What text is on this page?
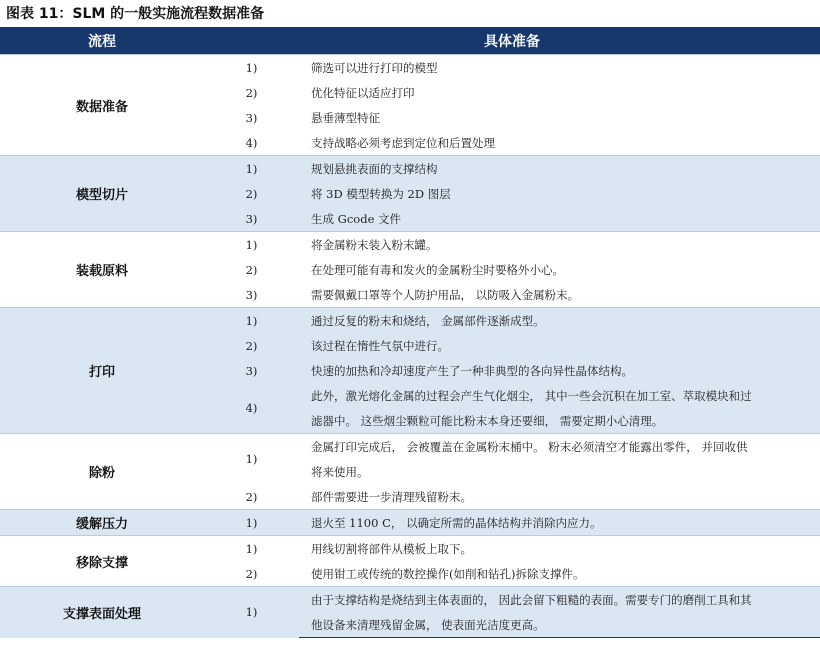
图表 11：SLM 的一般实施流程数据准备
流程	具体准备	
数据准备	1)	筛选可以进行打印的模型
	2)	优化特征以适应打印
	3)	悬垂薄型特征
	4)	支持战略必须考虑到定位和后置处理
模型切片	1)	规划悬挑表面的支撑结构
	2)	将 3D 模型转换为 2D 图层
	3)	生成 Gcode 文件
装载原料	1)	将金属粉末装入粉末罐。
	2)	在处理可能有毒和发火的金属粉尘时要格外小心。
	3)	需要佩戴口罩等个人防护用品， 以防吸入金属粉末。
打印	1)	通过反复的粉末和烧结， 金属部件逐渐成型。
	2)	该过程在惰性气氛中进行。
	3)	快速的加热和冷却速度产生了一种非典型的各向异性晶体结构。
	4)	此外，激光熔化金属的过程会产生气化烟尘， 其中一些会沉积在加工室、萃取模块和过
		滤器中。 这些烟尘颗粒可能比粉末本身还要细， 需要定期小心清理。
除粉	1)	金属打印完成后， 会被覆盖在金属粉末桶中。 粉末必须清空才能露出零件， 并回收供
		将来使用。
	2)	部件需要进一步清理残留粉末。
缓解压力	1)	退火至 1100 C， 以确定所需的晶体结构并消除内应力。
移除支撑	1)	用线切割将部件从模板上取下。
	2)	使用钳工或传统的数控操作(如削和钻孔)拆除支撑件。
支撑表面处理	1)	由于支撑结构是烧结到主体表面的， 因此会留下粗糙的表面。需要专门的磨削工具和其
		他设备来清理残留金属， 使表面光洁度更高。
